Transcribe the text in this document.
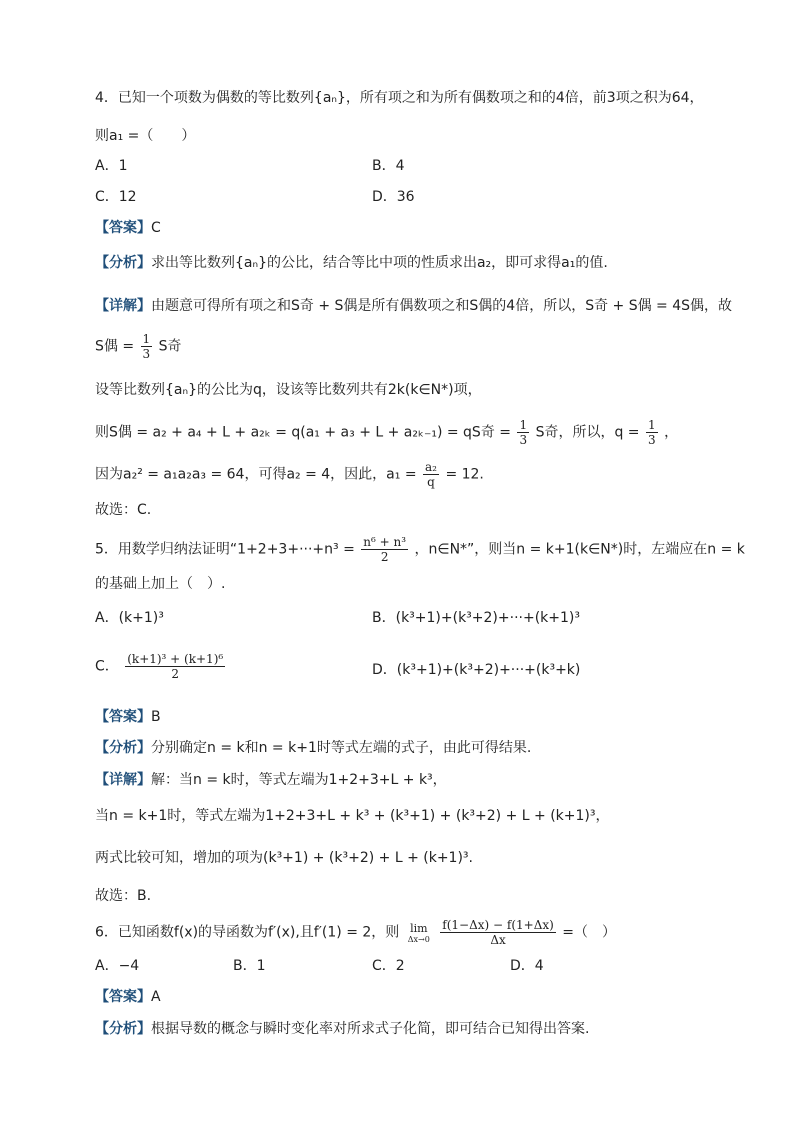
4．已知一个项数为偶数的等比数列{aₙ}，所有项之和为所有偶数项之和的4倍，前3项之积为64，
则a₁ =（　　）
A．1	B．4
C．12	D．36
【答案】C
【分析】求出等比数列{aₙ}的公比，结合等比中项的性质求出a₂，即可求得a₁的值.
【详解】由题意可得所有项之和S奇 + S偶是所有偶数项之和S偶的4倍，所以，S奇 + S偶 = 4S偶，故
S偶 = $\frac{1}{3}$ S奇
设等比数列{aₙ}的公比为q，设该等比数列共有2k(k∈N*)项，
则S偶 = a₂ + a₄ + L + a₂ₖ = q(a₁ + a₃ + L + a₂ₖ₋₁) = qS奇 = $\frac{1}{3}$ S奇，所以，$q = \frac{1}{3}$ ，
因为a₂² = a₁a₂a₃ = 64，可得a₂ = 4，因此，$a_1 = \frac{\text{a₂}}{q} = 12$.
故选：C.
5．用数学归纳法证明“$1+2+3+\cdot\cdot\cdot+n^3 = \frac{\text{n⁶ + n³}}{2}$ ，n∈N*”，则当n = k+1(k∈N*)时，左端应在n = k
的基础上加上（　）.
A．(k+1)³	B．(k³+1)+(k³+2)+···+(k+1)³
C． $\frac{\text{(k+1)³ + (k+1)⁶}}{2}$	D．(k³+1)+(k³+2)+···+(k³+k)
【答案】B
【分析】分别确定n = k和n = k+1时等式左端的式子，由此可得结果.
【详解】解：当n = k时，等式左端为1+2+3+L + k³，
当n = k+1时，等式左端为1+2+3+L + k³ + (k³+1) + (k³+2) + L + (k+1)³，
两式比较可知，增加的项为(k³+1) + (k³+2) + L + (k+1)³.
故选：B.
6．已知函数f(x)的导函数为f′(x),且f′(1) = 2，则 lim
Δx→0
$\frac{f(1-\Delta x) - f(1+\Delta x)}{\Delta x}$ =（　）
A．−4	B．1	C．2	D．4
【答案】A
【分析】根据导数的概念与瞬时变化率对所求式子化简，即可结合已知得出答案.
